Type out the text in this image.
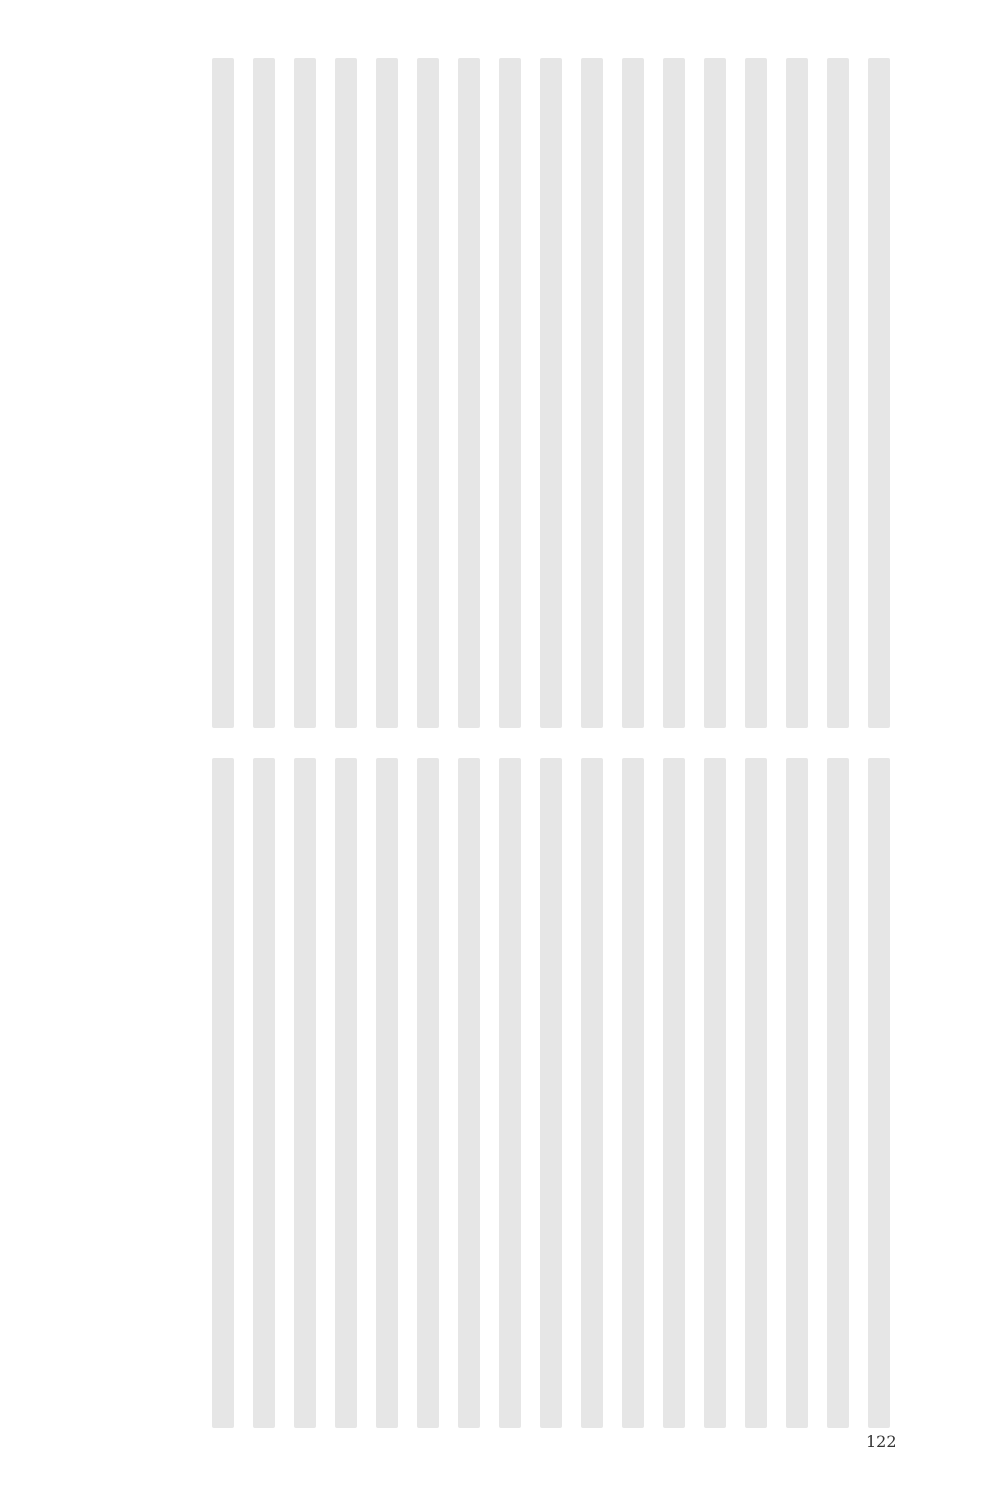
122
